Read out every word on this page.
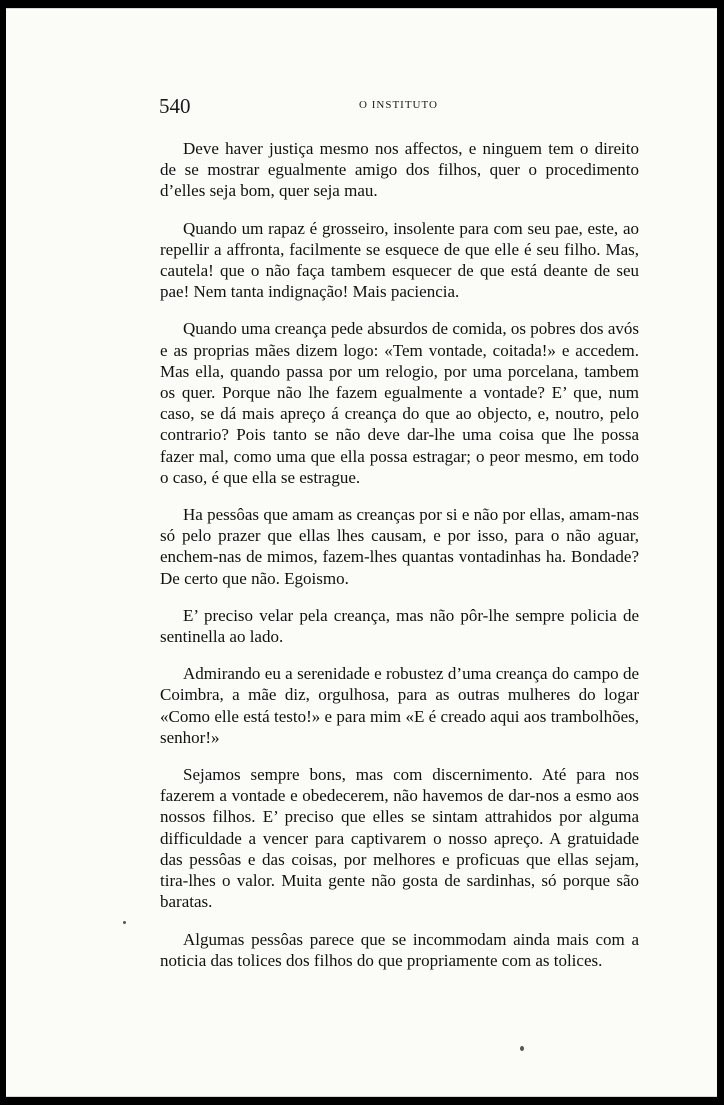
540	O INSTITUTO

Deve haver justiça mesmo nos affectos, e ninguem tem o direito de se mostrar egualmente amigo dos filhos, quer o procedimento d’elles seja bom, quer seja mau.

Quando um rapaz é grosseiro, insolente para com seu pae, este, ao repellir a affronta, facilmente se esquece de que elle é seu filho. Mas, cautela! que o não faça tambem esquecer de que está deante de seu pae! Nem tanta indignação! Mais paciencia.

Quando uma creança pede absurdos de comida, os pobres dos avós e as proprias mães dizem logo: «Tem vontade, coitada!» e accedem. Mas ella, quando passa por um relogio, por uma porcelana, tambem os quer. Porque não lhe fazem egualmente a vontade? E’ que, num caso, se dá mais apreço á creança do que ao objecto, e, noutro, pelo contrario? Pois tanto se não deve dar-lhe uma coisa que lhe possa fazer mal, como uma que ella possa estragar; o peor mesmo, em todo o caso, é que ella se estrague.

Ha pessôas que amam as creanças por si e não por ellas, amam-nas só pelo prazer que ellas lhes causam, e por isso, para o não aguar, enchem-nas de mimos, fazem-lhes quantas vontadinhas ha. Bondade? De certo que não. Egoismo.

E’ preciso velar pela creança, mas não pôr-lhe sempre policia de sentinella ao lado.

Admirando eu a serenidade e robustez d’uma creança do campo de Coimbra, a mãe diz, orgulhosa, para as outras mulheres do logar «Como elle está testo!» e para mim «E é creado aqui aos trambolhões, senhor!»

Sejamos sempre bons, mas com discernimento. Até para nos fazerem a vontade e obedecerem, não havemos de dar-nos a esmo aos nossos filhos. E’ preciso que elles se sintam attrahidos por alguma difficuldade a vencer para captivarem o nosso apreço. A gratuidade das pessôas e das coisas, por melhores e proficuas que ellas sejam, tira-lhes o valor. Muita gente não gosta de sardinhas, só porque são baratas.

Algumas pessôas parece que se incommodam ainda mais com a noticia das tolices dos filhos do que propriamente com as tolices.
